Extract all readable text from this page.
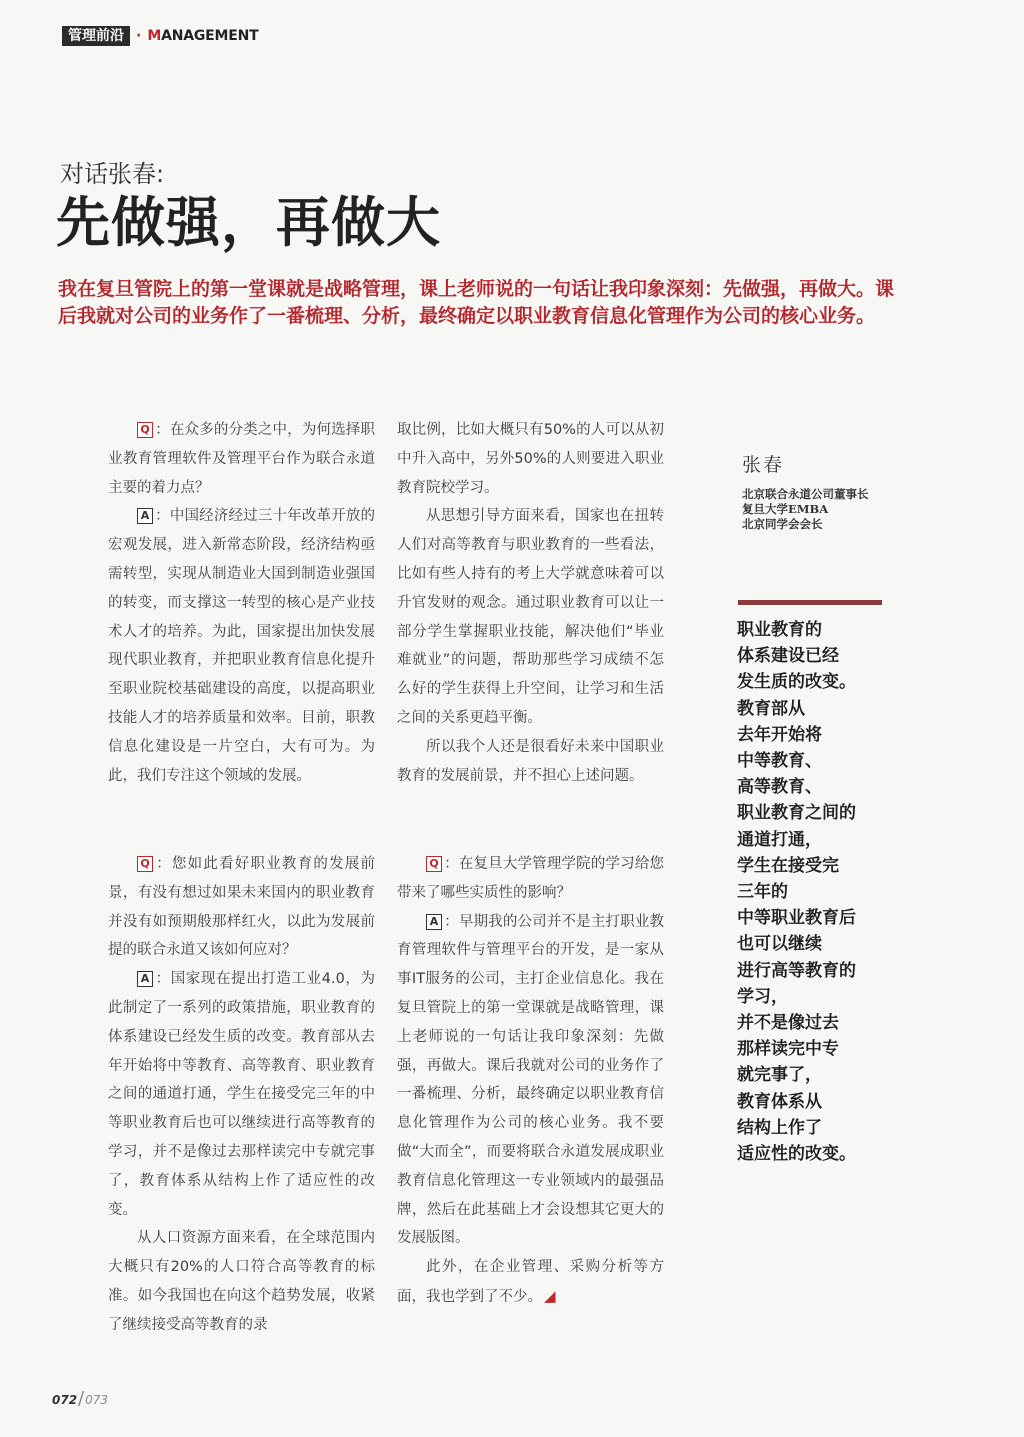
管理前沿 · MANAGEMENT
对话张春:
先做强，再做大
我在复旦管院上的第一堂课就是战略管理，课上老师说的一句话让我印象深刻：先做强，再做大。课后我就对公司的业务作了一番梳理、分析，最终确定以职业教育信息化管理作为公司的核心业务。

Q ：在众多的分类之中，为何选择职业教育管理软件及管理平台作为联合永道主要的着力点？

A ：中国经济经过三十年改革开放的宏观发展，进入新常态阶段，经济结构亟需转型，实现从制造业大国到制造业强国的转变，而支撑这一转型的核心是产业技术人才的培养。为此，国家提出加快发展现代职业教育，并把职业教育信息化提升至职业院校基础建设的高度，以提高职业技能人才的培养质量和效率。目前，职教信息化建设是一片空白，大有可为。为此，我们专注这个领域的发展。

Q ：您如此看好职业教育的发展前景，有没有想过如果未来国内的职业教育并没有如预期般那样红火，以此为发展前提的联合永道又该如何应对？

A ：国家现在提出打造工业4.0，为此制定了一系列的政策措施，职业教育的体系建设已经发生质的改变。教育部从去年开始将中等教育、高等教育、职业教育之间的通道打通，学生在接受完三年的中等职业教育后也可以继续进行高等教育的学习，并不是像过去那样读完中专就完事了，教育体系从结构上作了适应性的改变。

从人口资源方面来看，在全球范围内大概只有20%的人口符合高等教育的标准。如今我国也在向这个趋势发展，收紧了继续接受高等教育的录

取比例，比如大概只有50%的人可以从初中升入高中，另外50%的人则要进入职业教育院校学习。

从思想引导方面来看，国家也在扭转人们对高等教育与职业教育的一些看法，比如有些人持有的考上大学就意味着可以升官发财的观念。通过职业教育可以让一部分学生掌握职业技能，解决他们“毕业难就业”的问题，帮助那些学习成绩不怎么好的学生获得上升空间，让学习和生活之间的关系更趋平衡。

所以我个人还是很看好未来中国职业教育的发展前景，并不担心上述问题。

Q ：在复旦大学管理学院的学习给您带来了哪些实质性的影响？

A ：早期我的公司并不是主打职业教育管理软件与管理平台的开发，是一家从事IT服务的公司，主打企业信息化。我在复旦管院上的第一堂课就是战略管理，课上老师说的一句话让我印象深刻：先做强，再做大。课后我就对公司的业务作了一番梳理、分析，最终确定以职业教育信息化管理作为公司的核心业务。我不要做“大而全”，而要将联合永道发展成职业教育信息化管理这一专业领域内的最强品牌，然后在此基础上才会设想其它更大的发展版图。

此外，在企业管理、采购分析等方面，我也学到了不少。 ◢

张春
北京联合永道公司董事长
复旦大学EMBA
北京同学会会长
职业教育的
体系建设已经
发生质的改变。
教育部从
去年开始将
中等教育、
高等教育、
职业教育之间的
通道打通，
学生在接受完
三年的
中等职业教育后
也可以继续
进行高等教育的
学习，
并不是像过去
那样读完中专
就完事了，
教育体系从
结构上作了
适应性的改变。
072/073
